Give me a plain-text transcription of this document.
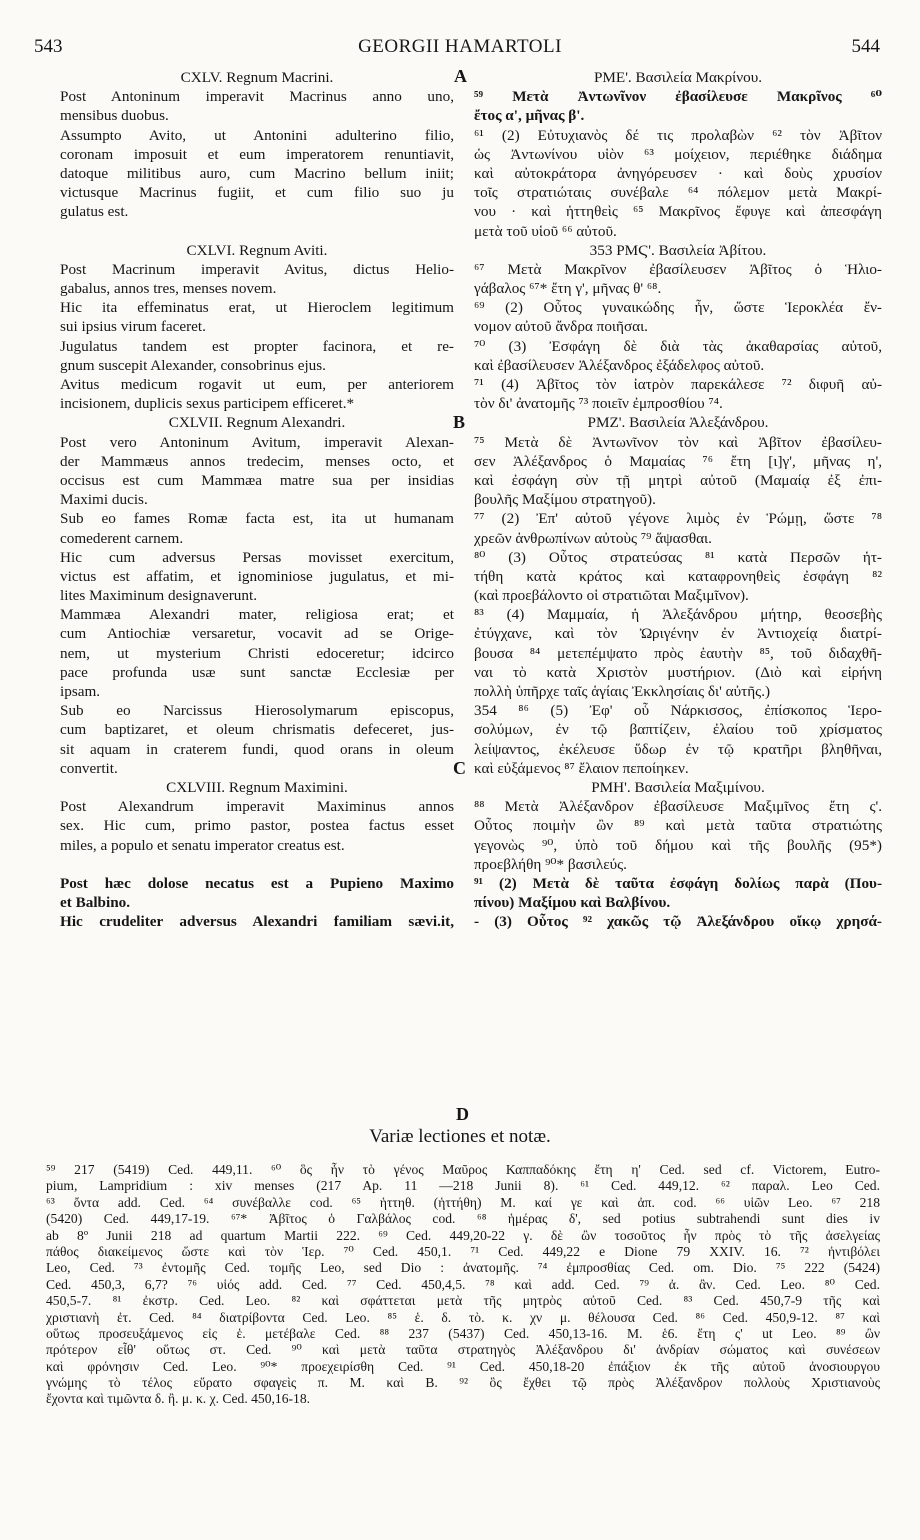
543	GEORGII HAMARTOLI	544
A
B
C
D
CXLV. Regnum Macrini.
Post Antoninum imperavit Macrinus anno uno,
mensibus duobus.
Assumpto Avito, ut Antonini adulterino filio,
coronam imposuit et eum imperatorem renuntiavit,
datoque militibus auro, cum Macrino bellum iniit;
victusque Macrinus fugiit, et cum filio suo ju
gulatus est.
CXLVI. Regnum Aviti.
Post Macrinum imperavit Avitus, dictus Helio-
gabalus, annos tres, menses novem.
Hic ita effeminatus erat, ut Hieroclem legitimum
sui ipsius virum faceret.
Jugulatus tandem est propter facinora, et re-
gnum suscepit Alexander, consobrinus ejus.
Avitus medicum rogavit ut eum, per anteriorem
incisionem, duplicis sexus participem efficeret.*
CXLVII. Regnum Alexandri.
Post vero Antoninum Avitum, imperavit Alexan-
der Mammæus annos tredecim, menses octo, et
occisus est cum Mammæa matre sua per insidias
Maximi ducis.
Sub eo fames Romæ facta est, ita ut humanam
comederent carnem.
Hic cum adversus Persas movisset exercitum,
victus est affatim, et ignominiose jugulatus, et mi-
lites Maximinum designaverunt.
Mammæa Alexandri mater, religiosa erat; et
cum Antiochiæ versaretur, vocavit ad se Orige-
nem, ut mysterium Christi edoceretur; idcirco
pace profunda usæ sunt sanctæ Ecclesiæ per
ipsam.
Sub eo Narcissus Hierosolymarum episcopus,
cum baptizaret, et oleum chrismatis defeceret, jus-
sit aquam in craterem fundi, quod orans in oleum
convertit.
CXLVIII. Regnum Maximini.
Post Alexandrum imperavit Maximinus annos
sex. Hic cum, primo pastor, postea factus esset
miles, a populo et senatu imperator creatus est.
Post hæc dolose necatus est a Pupieno Maximo
et Balbino.
Hic crudeliter adversus Alexandri familiam sævi.it,
PΜΕ'. Βασιλεία Μακρίνου.
⁵⁹ Μετὰ Ἀντωνῖνον ἐβασίλευσε Μακρῖνος ⁶⁰
ἔτος α', μῆνας β'.
⁶¹ (2) Εὐτυχιανὸς δέ τις προλαβὼν ⁶² τὸν Ἀβῖτον
ὡς Ἀντωνίνου υἱὸν ⁶³ μοίχειον, περιέθηκε διάδημα
καὶ αὐτοκράτορα ἀνηγόρευσεν · καὶ δοὺς χρυσίον
τοῖς στρατιώταις συνέβαλε ⁶⁴ πόλεμον μετὰ Μακρί-
νου · καὶ ἡττηθεὶς ⁶⁵ Μακρῖνος ἔφυγε καὶ ἀπεσφάγη
μετὰ τοῦ υἱοῦ ⁶⁶ αὐτοῦ.
353 PΜϚ'. Βασιλεία Ἀβίτου.
⁶⁷ Μετὰ Μακρῖνον ἐβασίλευσεν Ἀβῖτος ὁ Ἡλιο-
γάβαλος ⁶⁷* ἔτη γ', μῆνας θ' ⁶⁸.
⁶⁹ (2) Οὗτος γυναικώδης ἦν, ὥστε Ἱεροκλέα ἔν-
νομον αὐτοῦ ἄνδρα ποιῆσαι.
⁷⁰ (3) Ἐσφάγη δὲ διὰ τὰς ἀκαθαρσίας αὐτοῦ,
καὶ ἐβασίλευσεν Ἀλέξανδρος ἐξάδελφος αὐτοῦ.
⁷¹ (4) Ἀβῖτος τὸν ἰατρὸν παρεκάλεσε ⁷² διφυῆ αὐ-
τὸν δι' ἀνατομῆς ⁷³ ποιεῖν ἐμπροσθίου ⁷⁴.
PΜΖ'. Βασιλεία Ἀλεξάνδρου.
⁷⁵ Μετὰ δὲ Ἀντωνῖνον τὸν καὶ Ἀβῖτον ἐβασίλευ-
σεν Ἀλέξανδρος ὁ Μαμαίας ⁷⁶ ἔτη [ι]γ', μῆνας η',
καὶ ἐσφάγη σὺν τῇ μητρὶ αὐτοῦ (Μαμαίᾳ ἐξ ἐπι-
βουλῆς Μαξίμου στρατηγοῦ).
⁷⁷ (2) Ἐπ' αὐτοῦ γέγονε λιμὸς ἐν Ῥώμῃ, ὥστε ⁷⁸
χρεῶν ἀνθρωπίνων αὐτοὺς ⁷⁹ ἅψασθαι.
⁸⁰ (3) Οὗτος στρατεύσας ⁸¹ κατὰ Περσῶν ἡτ-
τήθη κατὰ κράτος καὶ καταφρονηθεὶς ἐσφάγη ⁸²
(καὶ προεβάλοντο οἱ στρατιῶται Μαξιμῖνον).
⁸³ (4) Μαμμαία, ἡ Ἀλεξάνδρου μήτηρ, θεοσεβὴς
ἐτύγχανε, καὶ τὸν Ὠριγένην ἐν Ἀντιοχείᾳ διατρί-
βουσα ⁸⁴ μετεπέμψατο πρὸς ἑαυτὴν ⁸⁵, τοῦ διδαχθῆ-
ναι τὸ κατὰ Χριστὸν μυστήριον. (Διὸ καὶ εἰρήνη
πολλὴ ὑπῆρχε ταῖς ἁγίαις Ἐκκλησίαις δι' αὐτῆς.)
354 ⁸⁶ (5) Ἐφ' οὗ Νάρκισσος, ἐπίσκοπος Ἱερο-
σολύμων, ἐν τῷ βαπτίζειν, ἐλαίου τοῦ χρίσματος
λείψαντος, ἐκέλευσε ὕδωρ ἐν τῷ κρατῆρι βληθῆναι,
καὶ εὐξάμενος ⁸⁷ ἔλαιον πεποίηκεν.
PΜΗ'. Βασιλεία Μαξιμίνου.
⁸⁸ Μετὰ Ἀλέξανδρον ἐβασίλευσε Μαξιμῖνος ἔτη ς'.
Οὗτος ποιμὴν ὢν ⁸⁹ καὶ μετὰ ταῦτα στρατιώτης
γεγονὼς ⁹⁰, ὑπὸ τοῦ δήμου καὶ τῆς βουλῆς (95*)
προεβλήθη ⁹⁰* βασιλεύς.
⁹¹ (2) Μετὰ δὲ ταῦτα ἐσφάγη δολίως παρὰ (Που-
πίνου) Μαξίμου καὶ Βαλβίνου.
- (3) Οὗτος ⁹² χακῶς τῷ Ἀλεξάνδρου οἴκῳ χρησά-
Variæ lectiones et notæ.
⁵⁹ 217 (5419) Ced. 449,11. ⁶⁰ ὃς ἦν τὸ γένος Μαῦρος Καππαδόκης ἔτη η' Ced. sed cf. Victorem, Eutro-
pium, Lampridium : xiv menses (217 Ap. 11 —218 Junii 8). ⁶¹ Ced. 449,12. ⁶² παραλ. Leo Ced.
⁶³ ὄντα add. Ced. ⁶⁴ συνέβαλλε cod. ⁶⁵ ἡττηθ. (ἡττήθη) M. καί γε καὶ ἀπ. cod. ⁶⁶ υἱῶν Leo. ⁶⁷ 218
(5420) Ced. 449,17-19. ⁶⁷* Ἀβῖτος ὁ Γαλβάλος cod. ⁶⁸ ἡμέρας δ', sed potius subtrahendi sunt dies iv
ab 8º Junii 218 ad quartum Martii 222. ⁶⁹ Ced. 449,20-22 γ. δὲ ὢν τοσοῦτος ἦν πρὸς τὸ τῆς ἀσελγείας
πάθος διακείμενος ὥστε καὶ τὸν Ἱερ. ⁷⁰ Ced. 450,1. ⁷¹ Ced. 449,22 e Dione 79 XXIV. 16. ⁷² ἠντιβόλει
Leo, Ced. ⁷³ ἐντομῆς Ced. τομῆς Leo, sed Dio : ἀνατομῆς. ⁷⁴ ἐμπροσθίας Ced. om. Dio. ⁷⁵ 222 (5424)
Ced. 450,3, 6,7? ⁷⁶ υἱός add. Ced. ⁷⁷ Ced. 450,4,5. ⁷⁸ καὶ add. Ced. ⁷⁹ ἀ. ἂν. Ced. Leo. ⁸⁰ Ced.
450,5-7. ⁸¹ ἐκστρ. Ced. Leo. ⁸² καὶ σφάττεται μετὰ τῆς μητρὸς αὐτοῦ Ced. ⁸³ Ced. 450,7-9 τῆς καὶ
χριστιανὴ ἐτ. Ced. ⁸⁴ διατρίβοντα Ced. Leo. ⁸⁵ ἑ. δ. τὸ. κ. χν μ. θέλουσα Ced. ⁸⁶ Ced. 450,9-12. ⁸⁷ καὶ
οὕτως προσευξάμενος εἰς ἑ. μετέβαλε Ced. ⁸⁸ 237 (5437) Ced. 450,13-16. M. ἑ6. ἔτη ς' ut Leo. ⁸⁹ ὢν
πρότερον εἶθ' οὕτως στ. Ced. ⁹⁰ καὶ μετὰ ταῦτα στρατηγὸς Ἀλέξανδρου δι' ἀνδρίαν σώματος καὶ συνέσεων
καὶ φρόνησιν Ced. Leo. ⁹⁰* προεχειρίσθη Ced. ⁹¹ Ced. 450,18-20 ἐπάξιον ἐκ τῆς αὐτοῦ ἀνοσιουργου
γνώμης τὸ τέλος εὕρατο σφαγεὶς π. M. καὶ B. ⁹² ὃς ἔχθει τῷ πρὸς Ἀλέξανδρον πολλοὺς Χριστιανοὺς
ἔχοντα καὶ τιμῶντα δ. ἢ. μ. κ. χ. Ced. 450,16-18.
